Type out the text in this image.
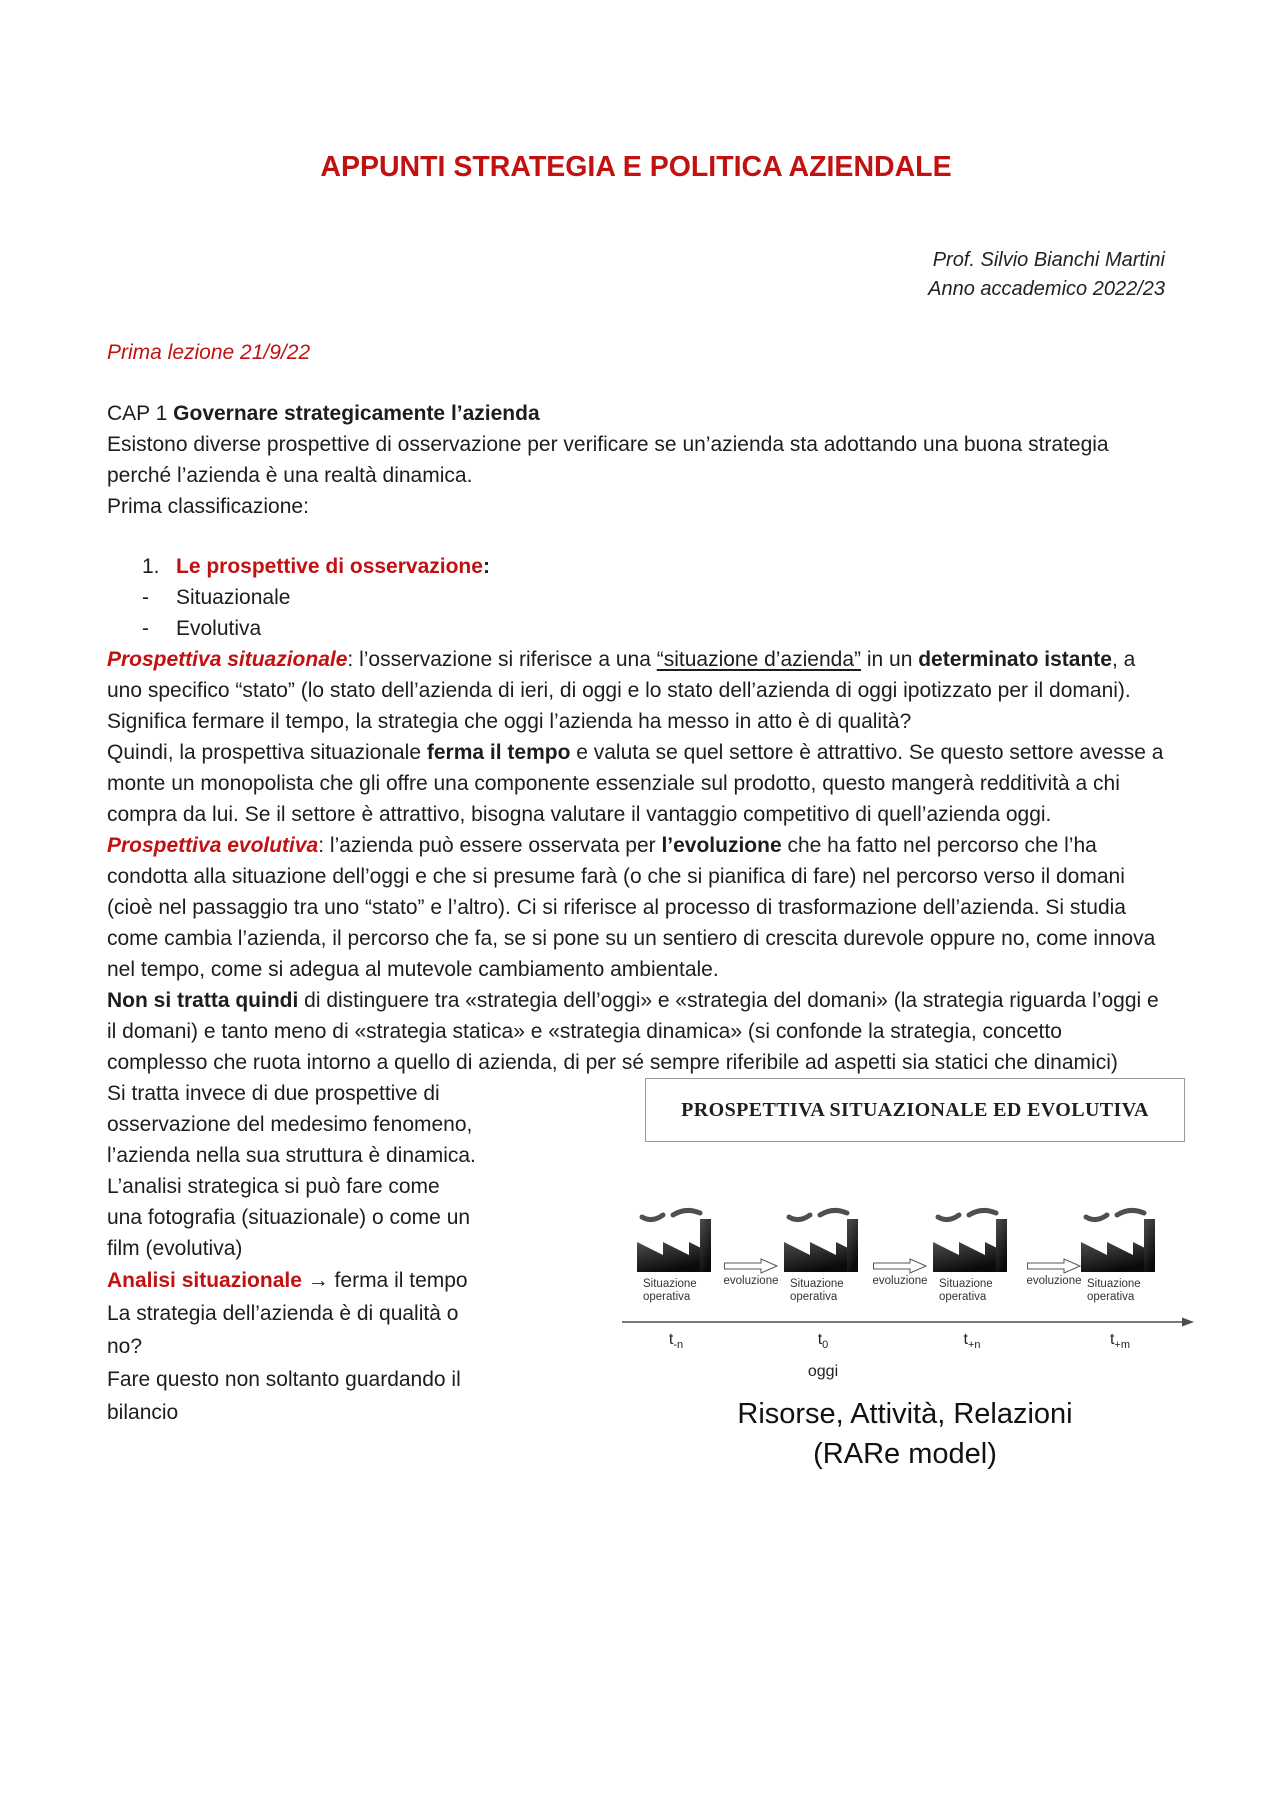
APPUNTI STRATEGIA E POLITICA AZIENDALE
Prof. Silvio Bianchi Martini
Anno accademico 2022/23
Prima lezione 21/9/22
CAP 1 Governare strategicamente l’azienda

Esistono diverse prospettive di osservazione per verificare se un’azienda sta adottando una buona strategia perché l’azienda è una realtà dinamica.
Prima classificazione:

1. Le prospettive di osservazione:
- Situazionale
- Evolutiva

Prospettiva situazionale: l’osservazione si riferisce a una “situazione d’azienda” in un determinato istante, a uno specifico “stato” (lo stato dell’azienda di ieri, di oggi e lo stato dell’azienda di oggi ipotizzato per il domani). Significa fermare il tempo, la strategia che oggi l’azienda ha messo in atto è di qualità?
Quindi, la prospettiva situazionale ferma il tempo e valuta se quel settore è attrattivo. Se questo settore avesse a monte un monopolista che gli offre una componente essenziale sul prodotto, questo mangerà redditività a chi compra da lui. Se il settore è attrattivo, bisogna valutare il vantaggio competitivo di quell’azienda oggi.

Prospettiva evolutiva: l’azienda può essere osservata per l’evoluzione che ha fatto nel percorso che l’ha condotta alla situazione dell’oggi e che si presume farà (o che si pianifica di fare) nel percorso verso il domani (cioè nel passaggio tra uno “stato” e l’altro). Ci si riferisce al processo di trasformazione dell’azienda. Si studia come cambia l’azienda, il percorso che fa, se si pone su un sentiero di crescita durevole oppure no, come innova nel tempo, come si adegua al mutevole cambiamento ambientale.
Non si tratta quindi di distinguere tra «strategia dell’oggi» e «strategia del domani» (la strategia riguarda l’oggi e il domani) e tanto meno di «strategia statica» e «strategia dinamica» (si confonde la strategia, concetto complesso che ruota intorno a quello di azienda, di per sé sempre riferibile ad aspetti sia statici che dinamici)

PROSPETTIVA SITUAZIONALE ED EVOLUTIVA
Situazione
operativa
Situazione
operativa
Situazione
operativa
Situazione
operativa
evoluzione	evoluzione	evoluzione
$t_{-n}$	$t_0$	$t_{+n}$	$t_{+m}$
oggi
Risorse, Attività, Relazioni
(RARe model)

Si tratta invece di due prospettive di
osservazione del medesimo fenomeno,
l’azienda nella sua struttura è dinamica.
L’analisi strategica si può fare come
una fotografia (situazionale) o come un
film (evolutiva)

Analisi situazionale → ferma il tempo
La strategia dell’azienda è di qualità o
no?
Fare questo non soltanto guardando il
bilancio
